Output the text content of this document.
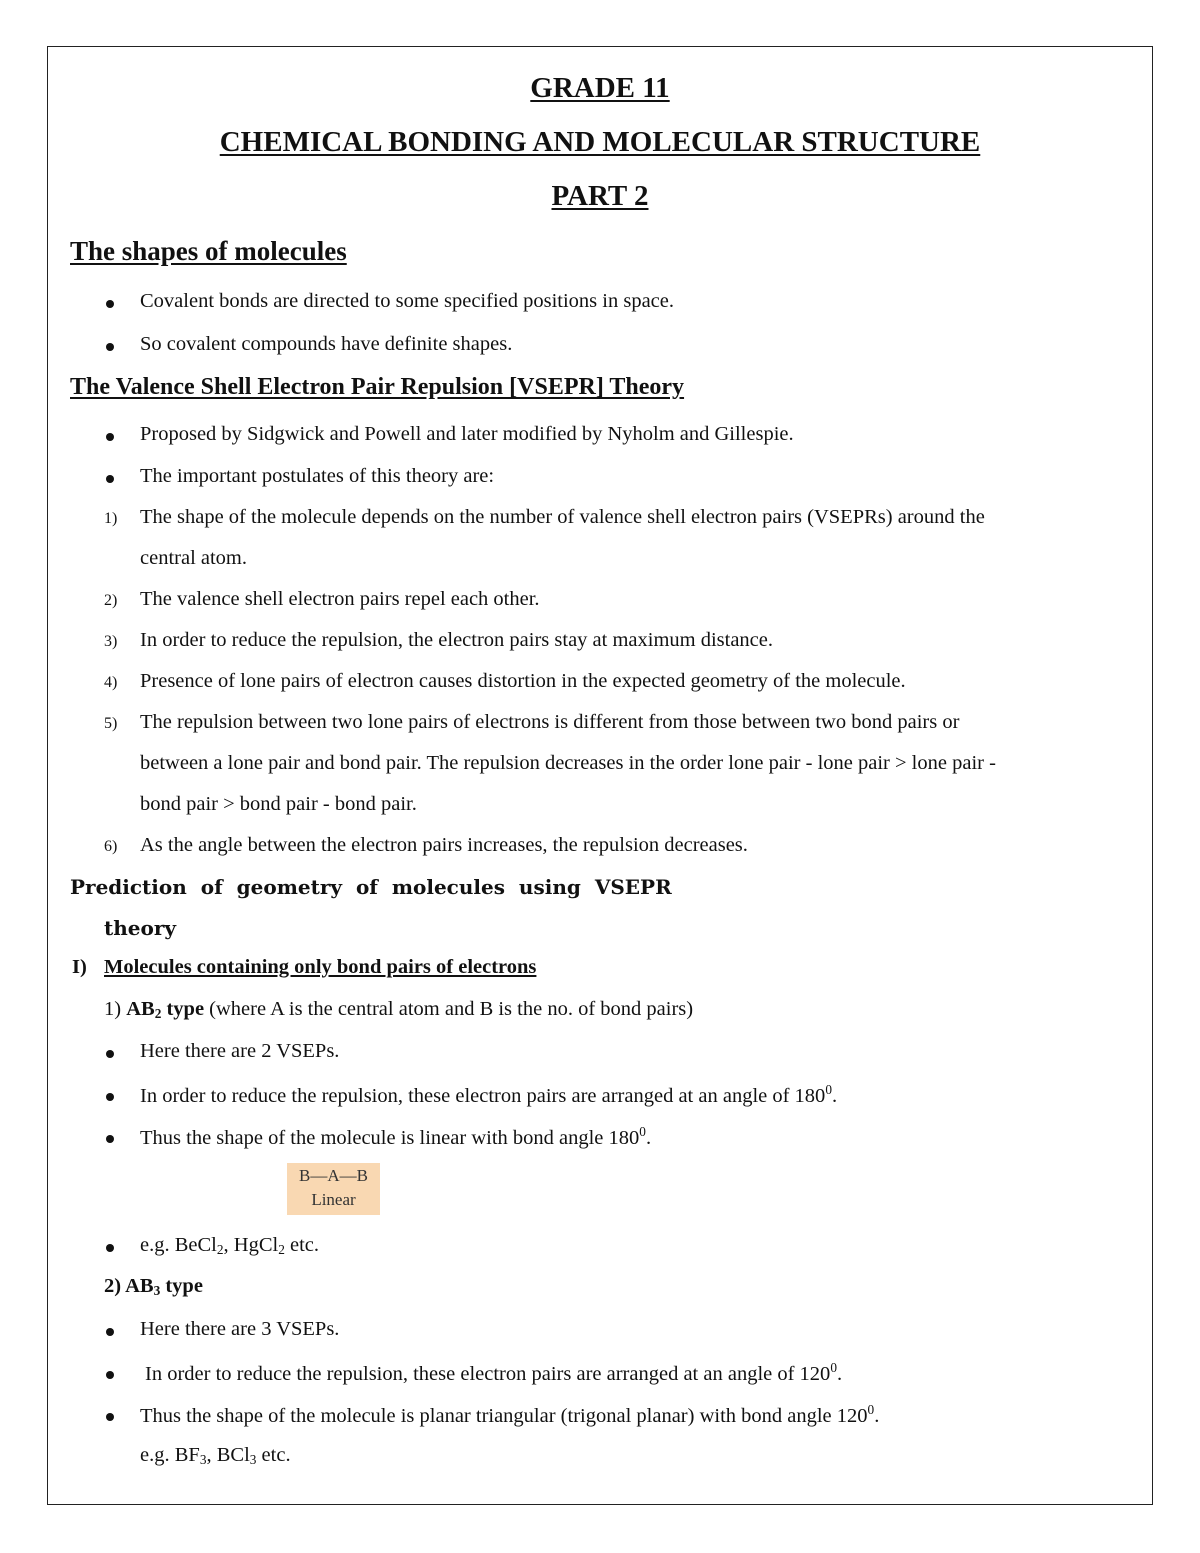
GRADE 11
CHEMICAL BONDING AND MOLECULAR STRUCTURE
PART 2
The shapes of molecules
Covalent bonds are directed to some specified positions in space.
So covalent compounds have definite shapes.
The Valence Shell Electron Pair Repulsion [VSEPR] Theory
Proposed by Sidgwick and Powell and later modified by Nyholm and Gillespie.
The important postulates of this theory are:
1) The shape of the molecule depends on the number of valence shell electron pairs (VSEPRs) around the
central atom.
2) The valence shell electron pairs repel each other.
3) In order to reduce the repulsion, the electron pairs stay at maximum distance.
4) Presence of lone pairs of electron causes distortion in the expected geometry of the molecule.
5) The repulsion between two lone pairs of electrons is different from those between two bond pairs or
between a lone pair and bond pair. The repulsion decreases in the order lone pair - lone pair > lone pair -
bond pair > bond pair - bond pair.
6) As the angle between the electron pairs increases, the repulsion decreases.
Prediction of geometry of molecules using VSEPR
theory
I) Molecules containing only bond pairs of electrons
1) $AB_2$ type (where A is the central atom and B is the no. of bond pairs)
Here there are 2 VSEPs.
In order to reduce the repulsion, these electron pairs are arranged at an angle of $180^0$.
Thus the shape of the molecule is linear with bond angle $180^0$.
B—A—B
Linear
e.g. BeCl$_2$, HgCl$_2$ etc.
2) $AB_3$ type
Here there are 3 VSEPs.
In order to reduce the repulsion, these electron pairs are arranged at an angle of $120^0$.
Thus the shape of the molecule is planar triangular (trigonal planar) with bond angle $120^0$.
e.g. $BF_3$, BCl$_3$ etc.
